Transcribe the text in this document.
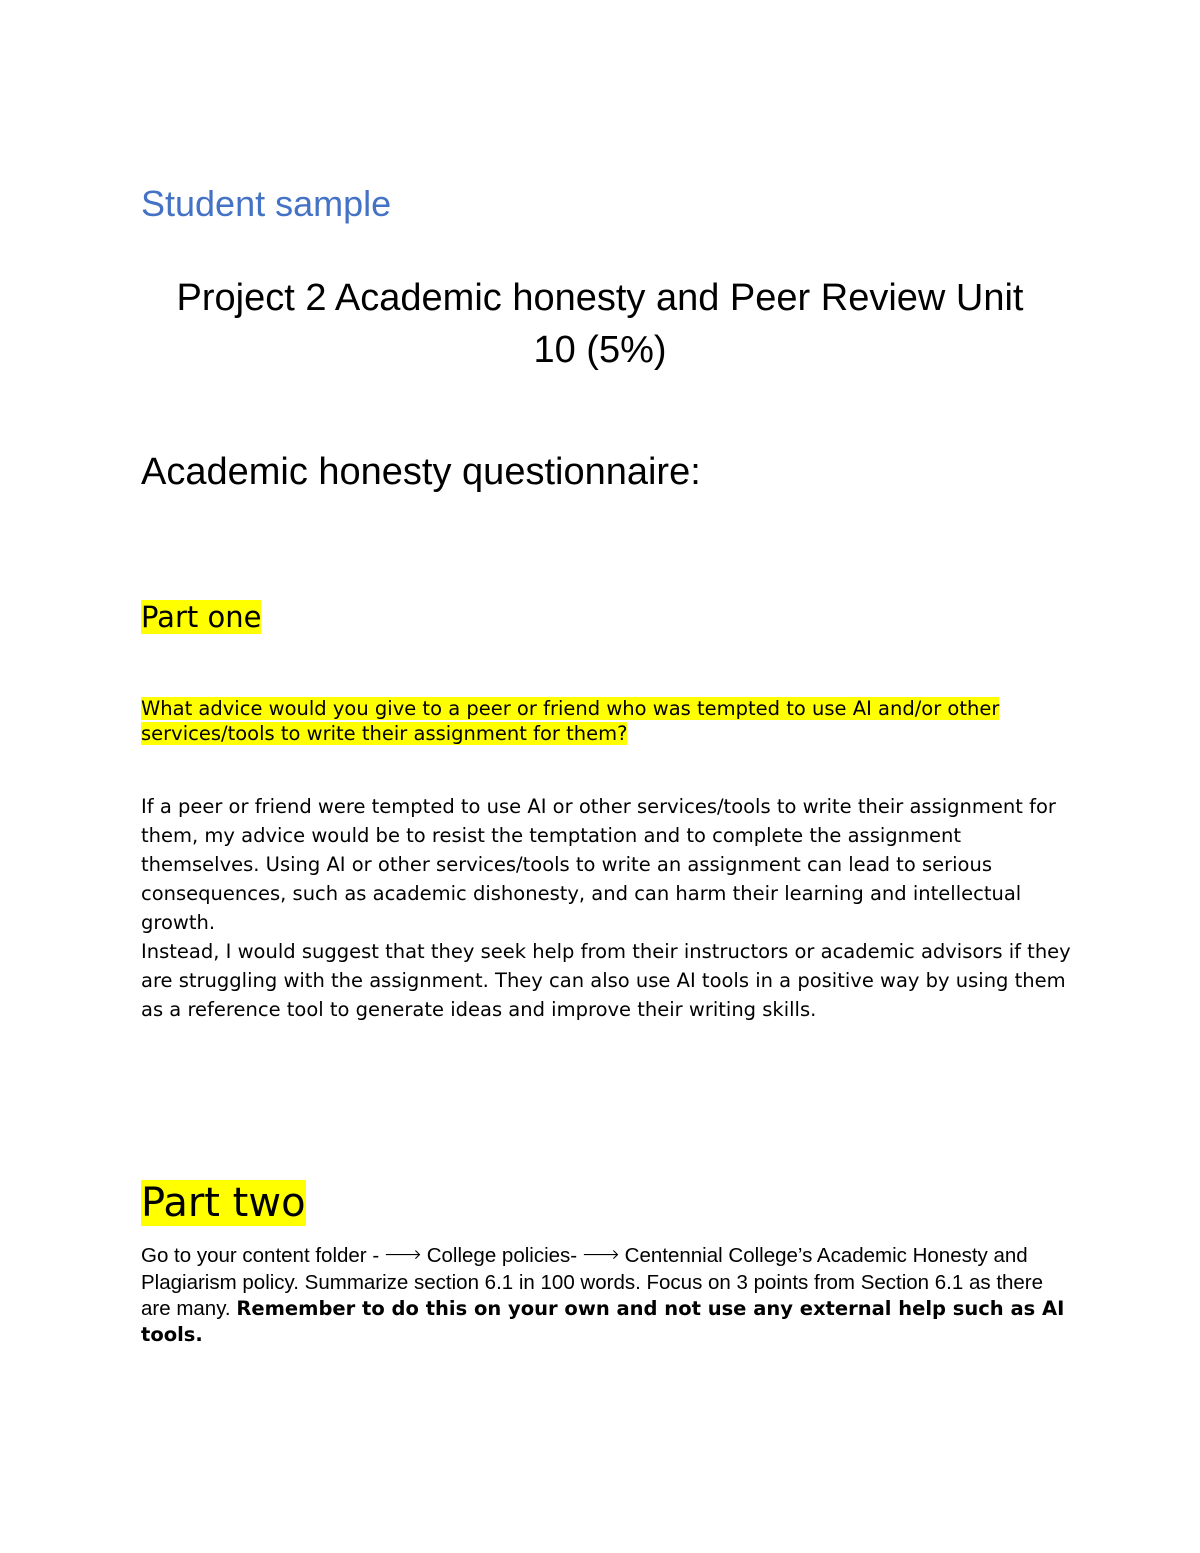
Student sample
Project 2 Academic honesty and Peer Review Unit
10 (5%)
Academic honesty questionnaire:
Part one
What advice would you give to a peer or friend who was tempted to use AI and/or other services/tools to write their assignment for them?

If a peer or friend were tempted to use AI or other services/tools to write their assignment for them, my advice would be to resist the temptation and to complete the assignment themselves. Using AI or other services/tools to write an assignment can lead to serious consequences, such as academic dishonesty, and can harm their learning and intellectual growth.

Instead, I would suggest that they seek help from their instructors or academic advisors if they are struggling with the assignment. They can also use AI tools in a positive way by using them as a reference tool to generate ideas and improve their writing skills.

Part two
Go to your content folder - 🡒 College policies- 🡒 Centennial College’s Academic Honesty and Plagiarism policy. Summarize section 6.1 in 100 words. Focus on 3 points from Section 6.1 as there are many. Remember to do this on your own and not use any external help such as AI tools.
